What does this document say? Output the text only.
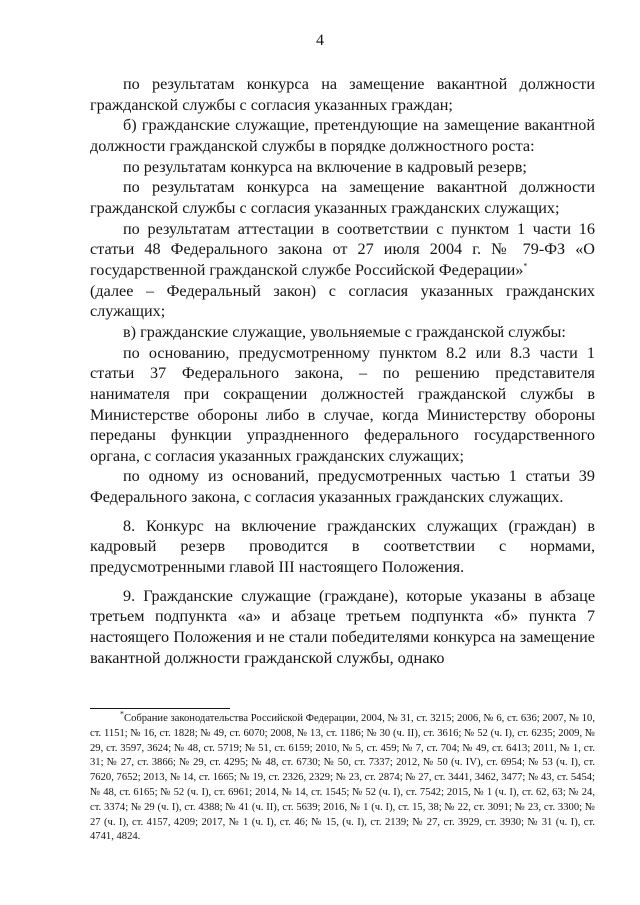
4

по результатам конкурса на замещение вакантной должности гражданской службы с согласия указанных граждан;

б) гражданские служащие, претендующие на замещение вакантной должности гражданской службы в порядке должностного роста:

по результатам конкурса на включение в кадровый резерв;

по результатам конкурса на замещение вакантной должности гражданской службы с согласия указанных гражданских служащих;

по результатам аттестации в соответствии с пунктом 1 части 16 статьи 48 Федерального закона от 27 июля 2004 г. № 79-ФЗ «О государственной гражданской службе Российской Федерации»*

(далее – Федеральный закон) с согласия указанных гражданских служащих;

в) гражданские служащие, увольняемые с гражданской службы:

по основанию, предусмотренному пунктом 8.2 или 8.3 части 1 статьи 37 Федерального закона, – по решению представителя нанимателя при сокращении должностей гражданской службы в Министерстве обороны либо в случае, когда Министерству обороны переданы функции упраздненного федерального государственного органа, с согласия указанных гражданских служащих;

по одному из оснований, предусмотренных частью 1 статьи 39 Федерального закона, с согласия указанных гражданских служащих.

8. Конкурс на включение гражданских служащих (граждан) в кадровый резерв проводится в соответствии с нормами, предусмотренными главой III настоящего Положения.

9. Гражданские служащие (граждане), которые указаны в абзаце третьем подпункта «а» и абзаце третьем подпункта «б» пункта 7 настоящего Положения и не стали победителями конкурса на замещение вакантной должности гражданской службы, однако

*Собрание законодательства Российской Федерации, 2004, № 31, ст. 3215; 2006, № 6, ст. 636; 2007, № 10, ст. 1151; № 16, ст. 1828; № 49, ст. 6070; 2008, № 13, ст. 1186; № 30 (ч. II), ст. 3616; № 52 (ч. I), ст. 6235; 2009, № 29, ст. 3597, 3624; № 48, ст. 5719; № 51, ст. 6159; 2010, № 5, ст. 459; № 7, ст. 704; № 49, ст. 6413; 2011, № 1, ст. 31; № 27, ст. 3866; № 29, ст. 4295; № 48, ст. 6730; № 50, ст. 7337; 2012, № 50 (ч. IV), ст. 6954; № 53 (ч. I), ст. 7620, 7652; 2013, № 14, ст. 1665; № 19, ст. 2326, 2329; № 23, ст. 2874; № 27, ст. 3441, 3462, 3477; № 43, ст. 5454; № 48, ст. 6165; № 52 (ч. I), ст. 6961; 2014, № 14, ст. 1545; № 52 (ч. I), ст. 7542; 2015, № 1 (ч. I), ст. 62, 63; № 24, ст. 3374; № 29 (ч. I), ст. 4388; № 41 (ч. II), ст. 5639; 2016, № 1 (ч. I), ст. 15, 38; № 22, ст. 3091; № 23, ст. 3300; № 27 (ч. I), ст. 4157, 4209; 2017, № 1 (ч. I), ст. 46; № 15, (ч. I), ст. 2139; № 27, ст. 3929, ст. 3930; № 31 (ч. I), ст. 4741, 4824.
